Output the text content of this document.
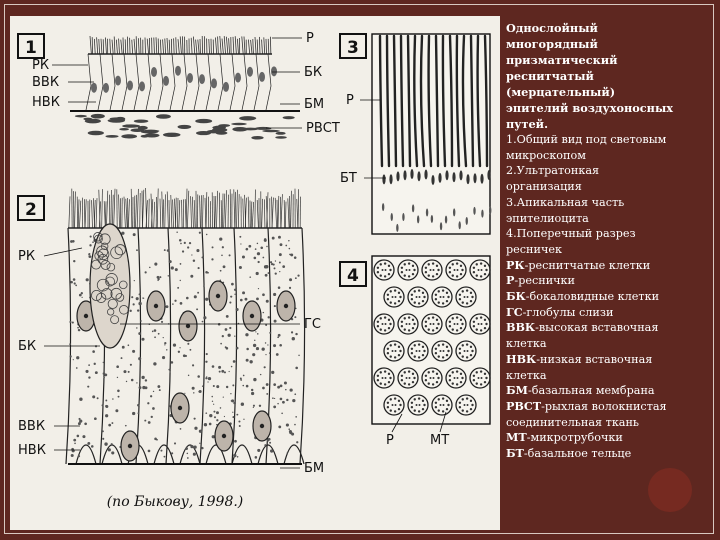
1
РК
ВВК
НВК
Р
БК
БМ
РВСТ
2
РК
БК
ГС
ВВК
НВК
БМ
3
Р
БТ
4
Р	МТ
(по Быкову, 1998.)
Однослойный
многорядный
призматический
реснитчатый
(мерцательный)
эпителий воздухоносных
путей.
1.Общий вид под световым
микроскопом
2.Ультратонкая
организация
3.Апикальная часть
эпителиоцита
4.Поперечный разрез
ресничек
РК-реснитчатые клетки
Р-реснички
БК-бокаловидные клетки
ГС-глобулы слизи
ВВК-высокая вставочная
клетка
НВК-низкая вставочная
клетка
БМ-базальная мембрана
РВСТ-рыхлая волокнистая
соединительная ткань
МТ-микротрубочки
БТ-базальное тельце
